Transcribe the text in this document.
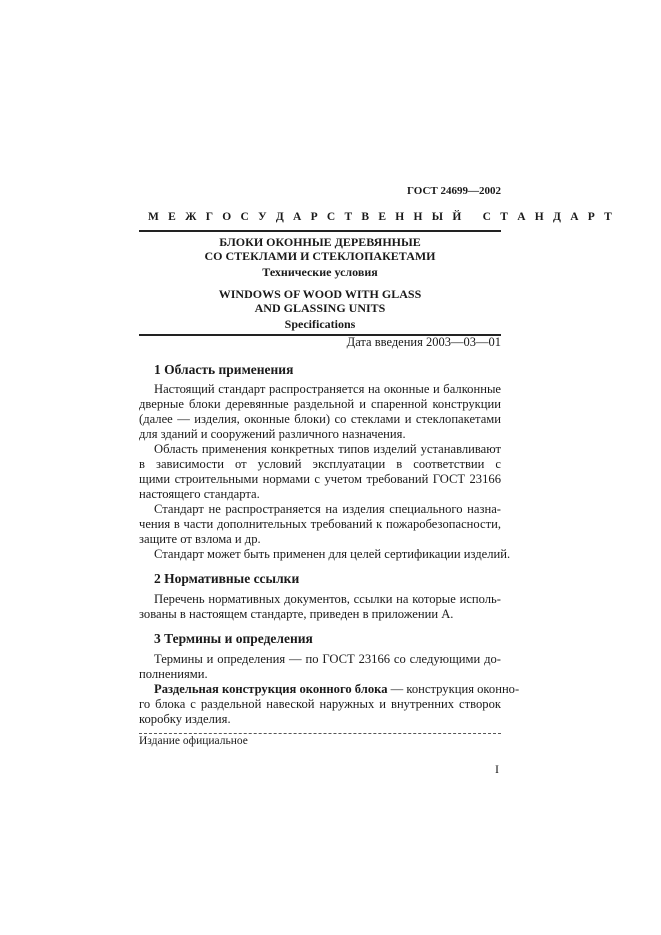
ГОСТ 24699—2002
М Е Ж Г О С У Д А Р С Т В Е Н Н Ы Й   С Т А Н Д А Р Т
БЛОКИ ОКОННЫЕ ДЕРЕВЯННЫЕ
СО СТЕКЛАМИ И СТЕКЛОПАКЕТАМИ
Технические условия
WINDOWS OF WOOD WITH GLASS
AND GLASSING UNITS
Specifications
Дата введения 2003—03—01
1 Область применения
Настоящий стандарт распространяется на оконные и балконные
дверные блоки деревянные раздельной и спаренной конструкции
(далее — изделия, оконные блоки) со стеклами и стеклопакетами
для зданий и сооружений различного назначения.
Область применения конкретных типов изделий устанавливают
в зависимости от условий эксплуатации в соответствии с
щими строительными нормами с учетом требований ГОСТ 23166
настоящего стандарта.
Стандарт не распространяется на изделия специального назна-
чения в части дополнительных требований к пожаробезопасности,
защите от взлома и др.
Стандарт может быть применен для целей сертификации изделий.
2 Нормативные ссылки
Перечень нормативных документов, ссылки на которые исполь-
зованы в настоящем стандарте, приведен в приложении А.
3 Термины и определения
Термины и определения — по ГОСТ 23166 со следующими до-
полнениями.
Раздельная конструкция оконного блока — конструкция оконно-
го блока с раздельной навеской наружных и внутренних створок
коробку изделия.
Издание официальное
I
